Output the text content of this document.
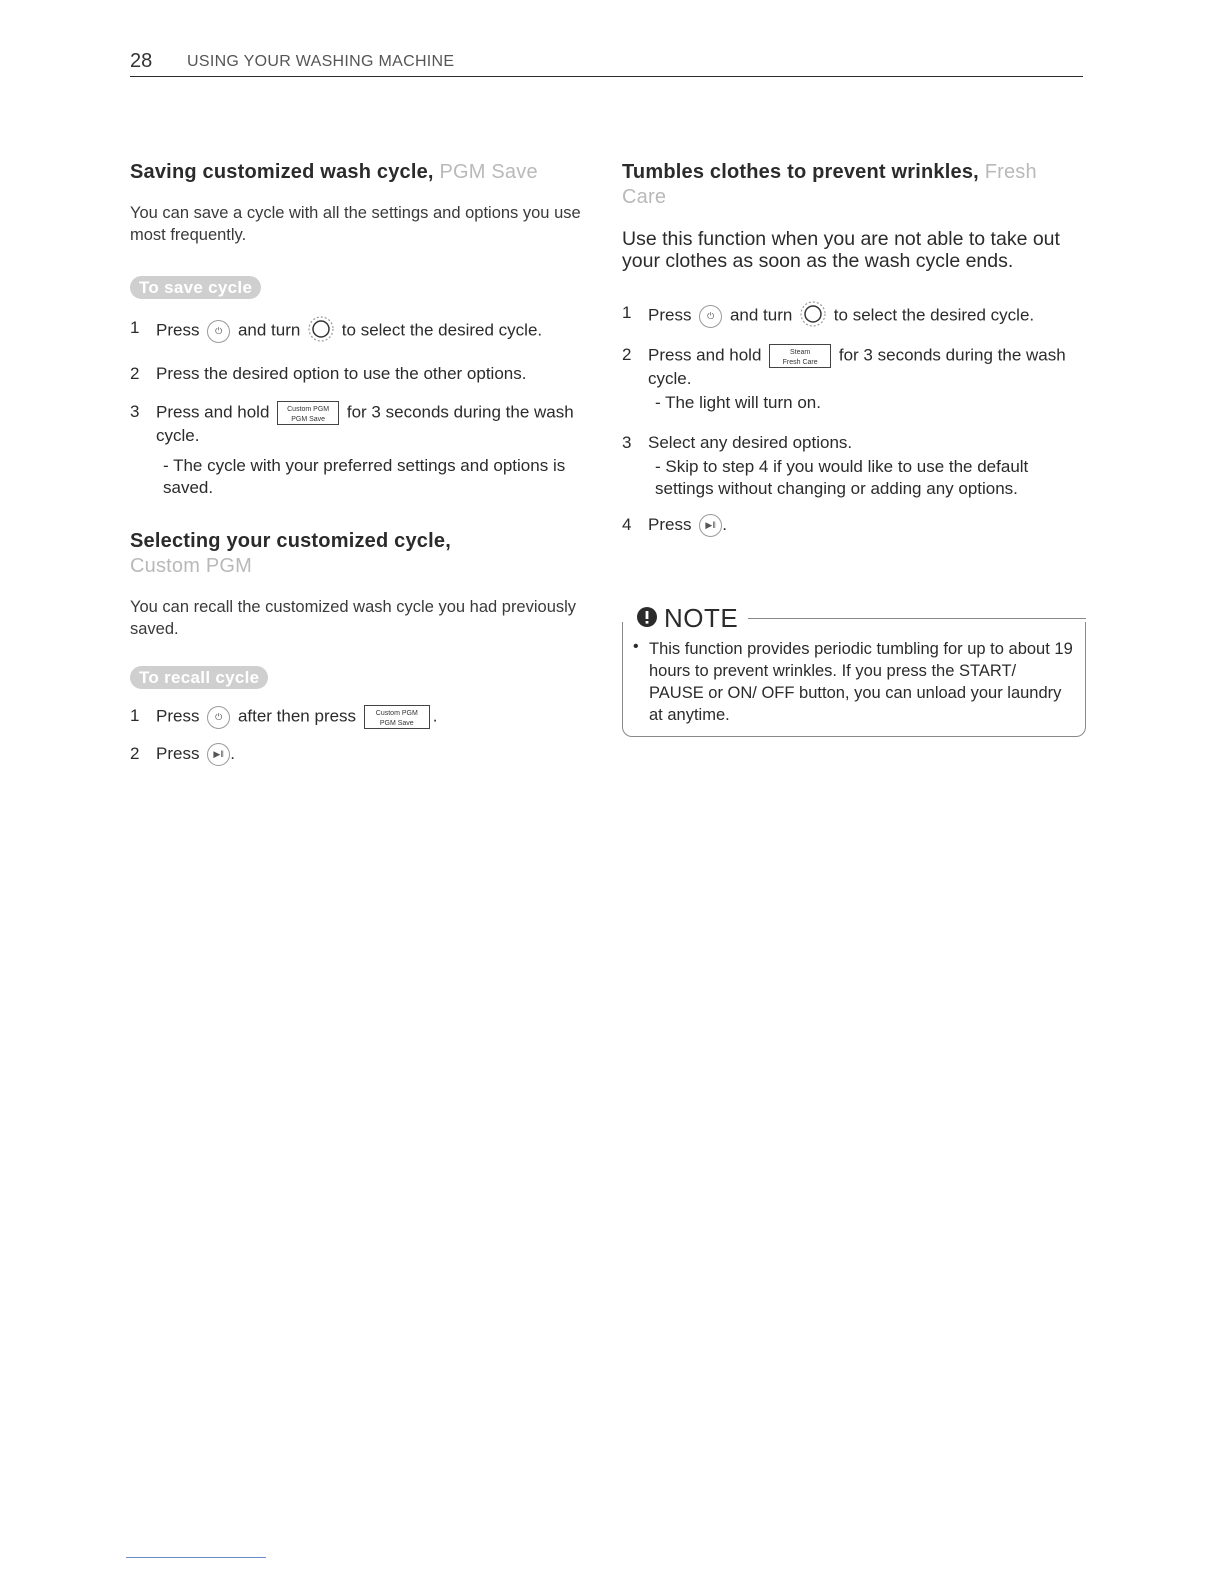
28 USING YOUR WASHING MACHINE
Saving customized wash cycle, PGM Save

You can save a cycle with all the settings and options you use most frequently.

To save cycle
1 Press ⏻ and turn to select the desired cycle.
2 Press the desired option to use the other options.
3 Press and hold	Custom PGM
PGM Save for 3 seconds during the wash cycle.
- The cycle with your preferred settings and options is saved.
Selecting your customized cycle,
Custom PGM

You can recall the customized wash cycle you had previously saved.

To recall cycle
1 Press ⏻ after then press	Custom PGM
PGM Save .
2 Press ▶‖ .
Tumbles clothes to prevent wrinkles, Fresh Care

Use this function when you are not able to take out your clothes as soon as the wash cycle ends.

1 Press ⏻ and turn to select the desired cycle.
2 Press and hold	Steam
Fresh Care for 3 seconds during the wash cycle.
- The light will turn on.
3 Select any desired options.
- Skip to step 4 if you would like to use the default settings without changing or adding any options.
4 Press ▶‖ .
NOTE
• This function provides periodic tumbling for up to about 19 hours to prevent wrinkles. If you press the START/ PAUSE or ON/ OFF button, you can unload your laundry at anytime.
